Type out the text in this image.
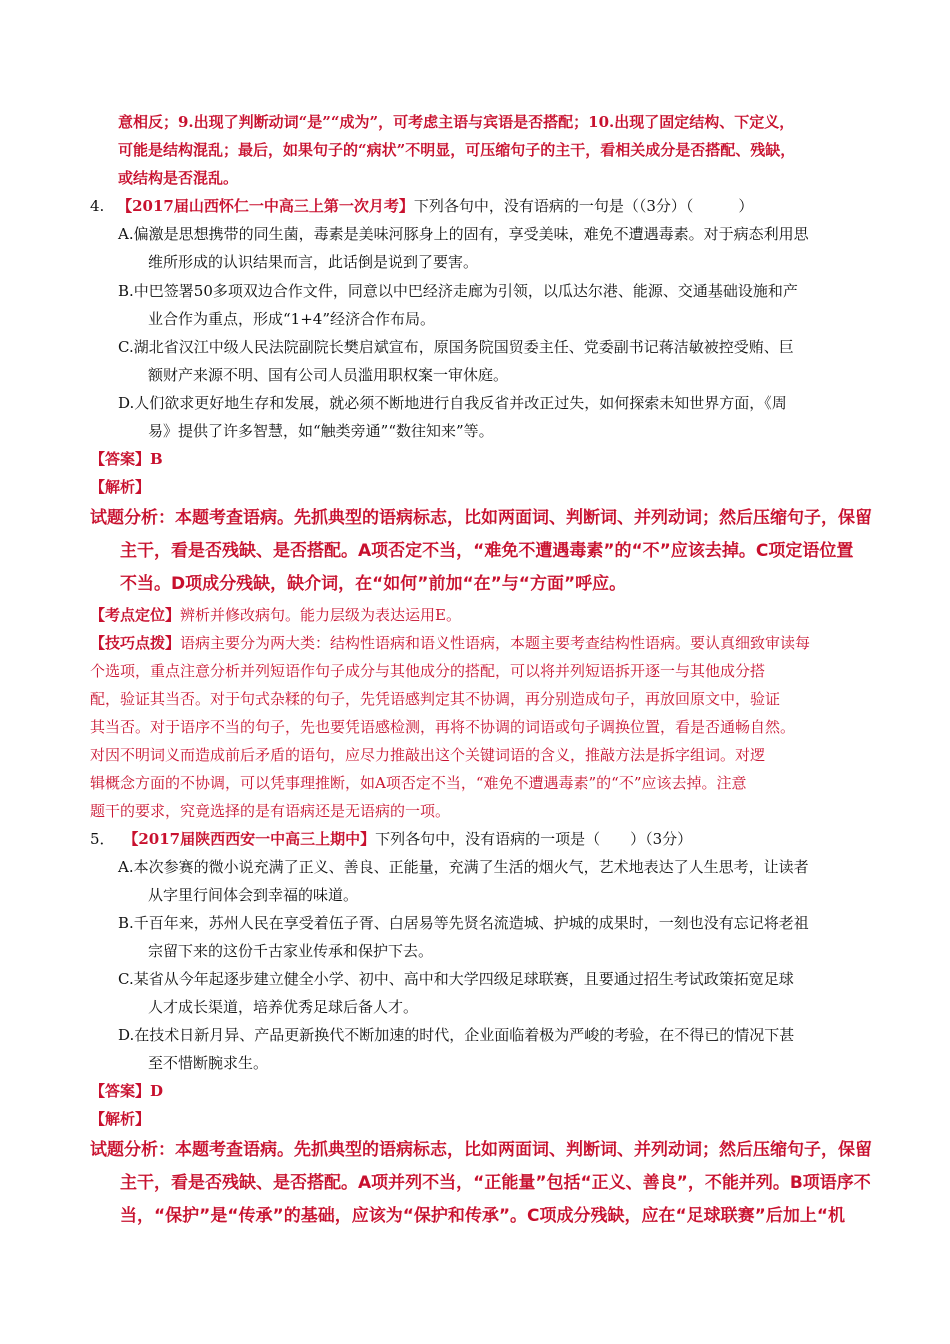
意相反；9.出现了判断动词“是”“成为”，可考虑主语与宾语是否搭配；10.出现了固定结构、下定义，
可能是结构混乱；最后，如果句子的“病状”不明显，可压缩句子的主干，看相关成分是否搭配、残缺，
或结构是否混乱。
4. 【2017届山西怀仁一中高三上第一次月考】下列各句中，没有语病的一句是（（3分）（　　　）
A.偏激是思想携带的同生菌，毒素是美味河豚身上的固有，享受美味，难免不遭遇毒素。对于病态利用思
维所形成的认识结果而言，此话倒是说到了要害。
B.中巴签署50多项双边合作文件，同意以中巴经济走廊为引领，以瓜达尔港、能源、交通基础设施和产
业合作为重点，形成“1+4”经济合作布局。
C.湖北省汉江中级人民法院副院长樊启斌宣布，原国务院国贸委主任、党委副书记蒋洁敏被控受贿、巨
额财产来源不明、国有公司人员滥用职权案一审休庭。
D.人们欲求更好地生存和发展，就必须不断地进行自我反省并改正过失，如何探索未知世界方面，《周
易》提供了许多智慧，如“触类旁通”“数往知来”等。
【答案】B
【解析】
试题分析：本题考查语病。先抓典型的语病标志，比如两面词、判断词、并列动词；然后压缩句子，保留
主干，看是否残缺、是否搭配。A项否定不当，“难免不遭遇毒素”的“不”应该去掉。C项定语位置
不当。D项成分残缺，缺介词，在“如何”前加“在”与“方面”呼应。
【考点定位】辨析并修改病句。能力层级为表达运用E。
【技巧点拨】语病主要分为两大类：结构性语病和语义性语病，本题主要考查结构性语病。要认真细致审读每
个选项，重点注意分析并列短语作句子成分与其他成分的搭配，可以将并列短语拆开逐一与其他成分搭
配，验证其当否。对于句式杂糅的句子，先凭语感判定其不协调，再分别造成句子，再放回原文中，验证
其当否。对于语序不当的句子，先也要凭语感检测，再将不协调的词语或句子调换位置，看是否通畅自然。
对因不明词义而造成前后矛盾的语句，应尽力推敲出这个关键词语的含义，推敲方法是拆字组词。对逻
辑概念方面的不协调，可以凭事理推断，如A项否定不当，“难免不遭遇毒素”的“不”应该去掉。注意
题干的要求，究竟选择的是有语病还是无语病的一项。
5． 【2017届陕西西安一中高三上期中】下列各句中，没有语病的一项是（　　）（3分）
A.本次参赛的微小说充满了正义、善良、正能量，充满了生活的烟火气，艺术地表达了人生思考，让读者
从字里行间体会到幸福的味道。
B.千百年来，苏州人民在享受着伍子胥、白居易等先贤名流造城、护城的成果时，一刻也没有忘记将老祖
宗留下来的这份千古家业传承和保护下去。
C.某省从今年起逐步建立健全小学、初中、高中和大学四级足球联赛，且要通过招生考试政策拓宽足球
人才成长渠道，培养优秀足球后备人才。
D.在技术日新月异、产品更新换代不断加速的时代，企业面临着极为严峻的考验，在不得已的情况下甚
至不惜断腕求生。
【答案】D
【解析】
试题分析：本题考查语病。先抓典型的语病标志，比如两面词、判断词、并列动词；然后压缩句子，保留
主干，看是否残缺、是否搭配。A项并列不当，“正能量”包括“正义、善良”，不能并列。B项语序不
当，“保护”是“传承”的基础，应该为“保护和传承”。C项成分残缺，应在“足球联赛”后加上“机
